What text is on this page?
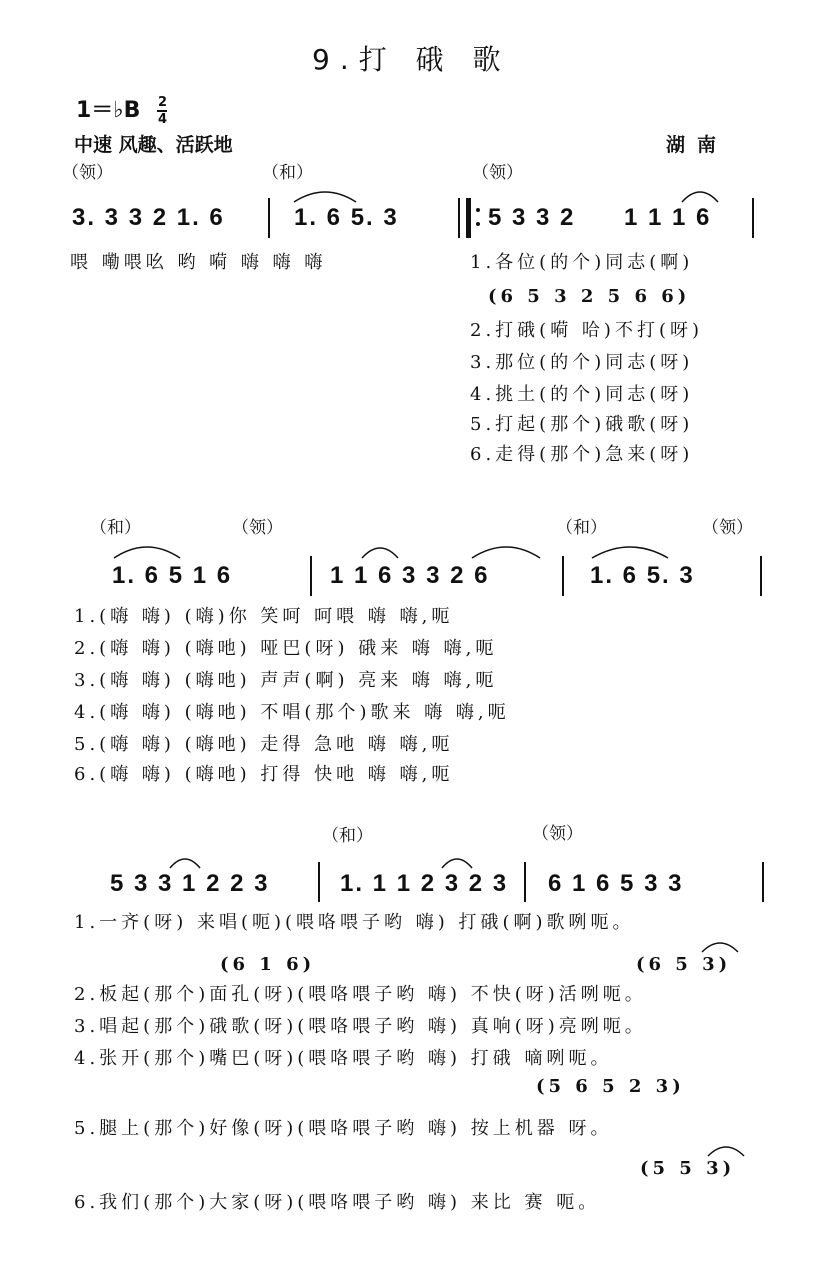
9.打 硪 歌
1＝♭B 2
4
中速 风趣、活跃地	湖南
（领）	（和）	（领）
3. 3 3 2 1. 6	1. 6 5. 3	5 3 3 2 1 1 1 6
喂 嘞喂吆 哟 嗬 嗨 嗨 嗨	1.各位(的个)同志(啊)
(6 5 3 2 5 6 6)
2.打硪(嗬 哈)不打(呀)
3.那位(的个)同志(呀)
4.挑土(的个)同志(呀)
5.打起(那个)硪歌(呀)
6.走得(那个)急来(呀)
（和）	（领）	（和）	（领）
1. 6 5 1 6	1 1 6 3 3 2 6	1. 6 5. 3
1.(嗨 嗨) (嗨)你 笑呵 呵喂 嗨 嗨,呃
2.(嗨 嗨) (嗨吔) 哑巴(呀) 硪来 嗨 嗨,呃
3.(嗨 嗨) (嗨吔) 声声(啊) 亮来 嗨 嗨,呃
4.(嗨 嗨) (嗨吔) 不唱(那个)歌来 嗨 嗨,呃
5.(嗨 嗨) (嗨吔) 走得 急吔 嗨 嗨,呃
6.(嗨 嗨) (嗨吔) 打得 快吔 嗨 嗨,呃
（和）	（领）
5 3 3 1 2 2 3	1. 1 1 2 3 2 3 6 1 6 5 3 3
1.一齐(呀) 来唱(呃)(喂咯喂子哟 嗨) 打硪(啊)歌咧呃。
(6 1 6)	(6 5 3)
2.板起(那个)面孔(呀)(喂咯喂子哟 嗨) 不快(呀)活咧呃。
3.唱起(那个)硪歌(呀)(喂咯喂子哟 嗨) 真响(呀)亮咧呃。
4.张开(那个)嘴巴(呀)(喂咯喂子哟 嗨) 打硪 嘀咧呃。
(5 6 5 2 3)
5.腿上(那个)好像(呀)(喂咯喂子哟 嗨) 按上机器 呀。
(5 5 3)
6.我们(那个)大家(呀)(喂咯喂子哟 嗨) 来比 赛 呃。
